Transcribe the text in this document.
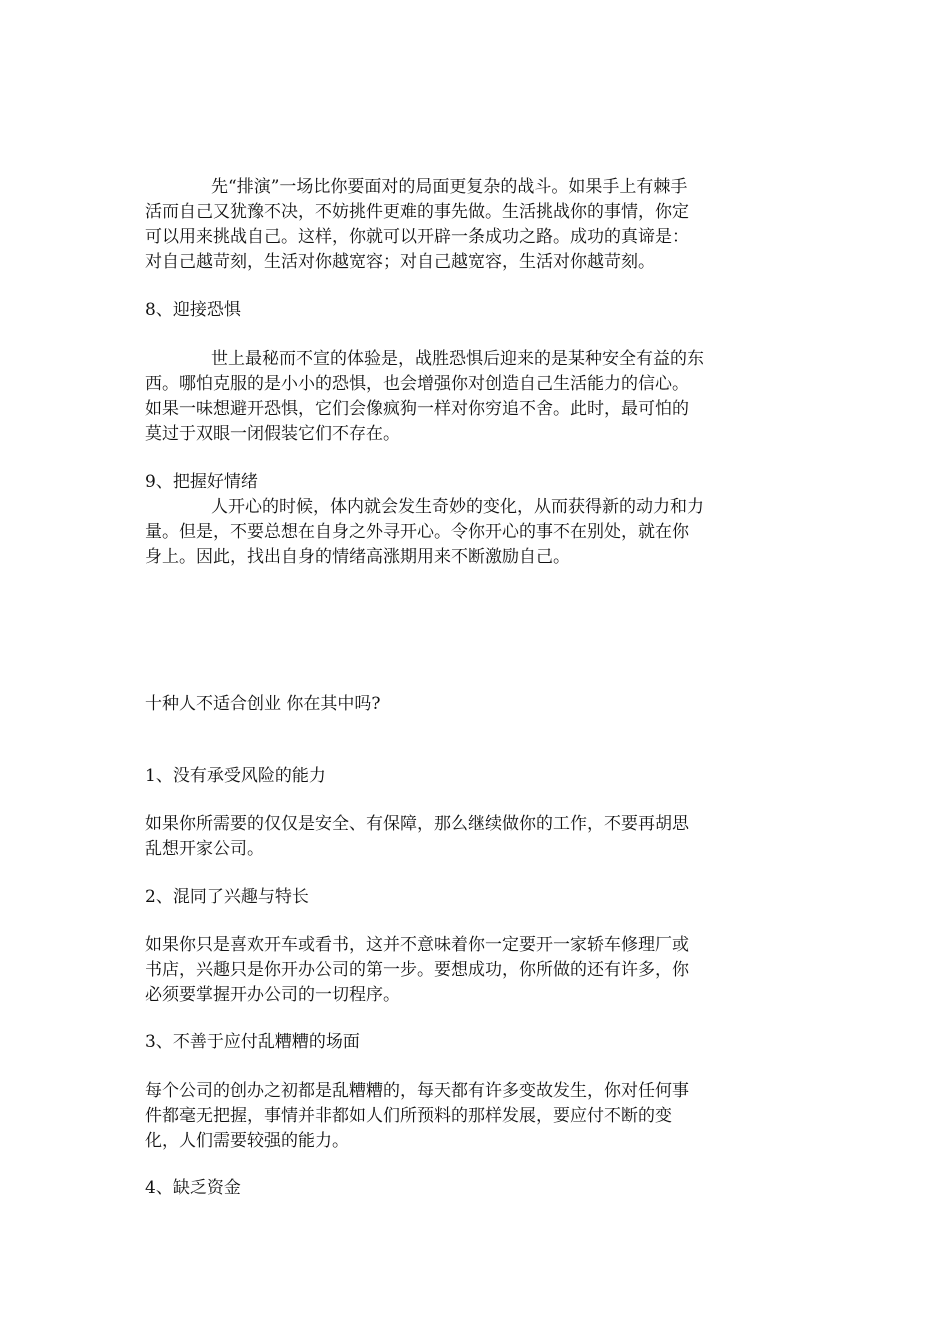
先“排演”一场比你要面对的局面更复杂的战斗。如果手上有棘手
活而自己又犹豫不决，不妨挑件更难的事先做。生活挑战你的事情，你定
可以用来挑战自己。这样，你就可以开辟一条成功之路。成功的真谛是：
对自己越苛刻，生活对你越宽容；对自己越宽容，生活对你越苛刻。
8、迎接恐惧
世上最秘而不宣的体验是，战胜恐惧后迎来的是某种安全有益的东
西。哪怕克服的是小小的恐惧，也会增强你对创造自己生活能力的信心。
如果一味想避开恐惧，它们会像疯狗一样对你穷追不舍。此时，最可怕的
莫过于双眼一闭假装它们不存在。
9、把握好情绪
人开心的时候，体内就会发生奇妙的变化，从而获得新的动力和力
量。但是，不要总想在自身之外寻开心。令你开心的事不在别处，就在你
身上。因此，找出自身的情绪高涨期用来不断激励自己。
十种人不适合创业 你在其中吗?
1、没有承受风险的能力
如果你所需要的仅仅是安全、有保障，那么继续做你的工作，不要再胡思
乱想开家公司。
2、混同了兴趣与特长
如果你只是喜欢开车或看书，这并不意味着你一定要开一家轿车修理厂或
书店，兴趣只是你开办公司的第一步。要想成功，你所做的还有许多，你
必须要掌握开办公司的一切程序。
3、不善于应付乱糟糟的场面
每个公司的创办之初都是乱糟糟的，每天都有许多变故发生，你对任何事
件都毫无把握，事情并非都如人们所预料的那样发展，要应付不断的变
化，人们需要较强的能力。
4、缺乏资金
